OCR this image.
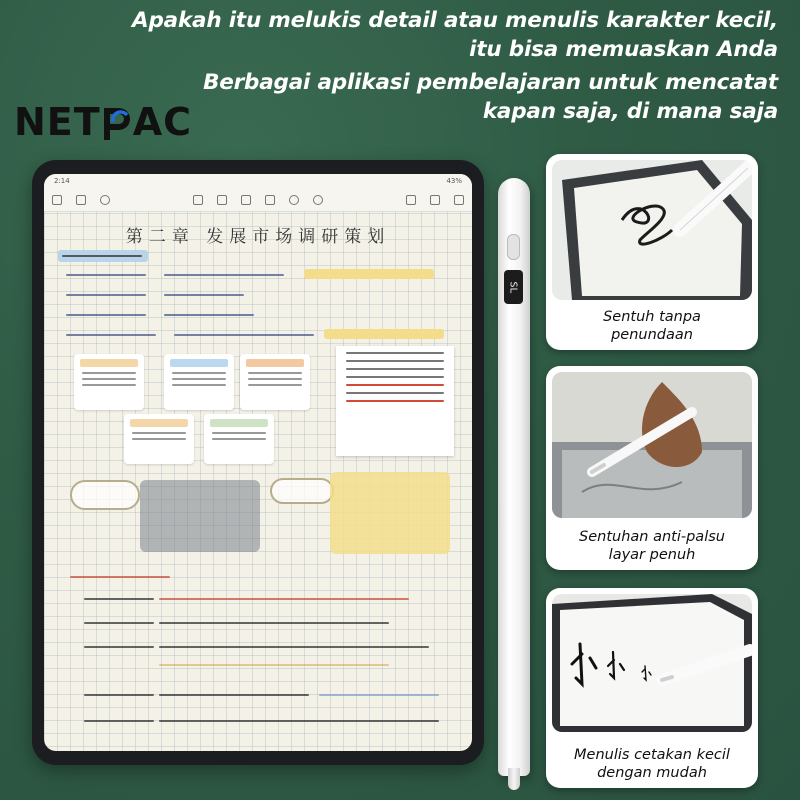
Apakah itu melukis detail atau menulis karakter kecil,

itu bisa memuaskan Anda

Berbagai aplikasi pembelajaran untuk mencatat

kapan saja, di mana saja

NET AC
2:14	43%
第二章 发展市场调研策划
SL
Sentuh tanpa
penundaan
Sentuhan anti-palsu
layar penuh
Menulis cetakan kecil
dengan mudah
